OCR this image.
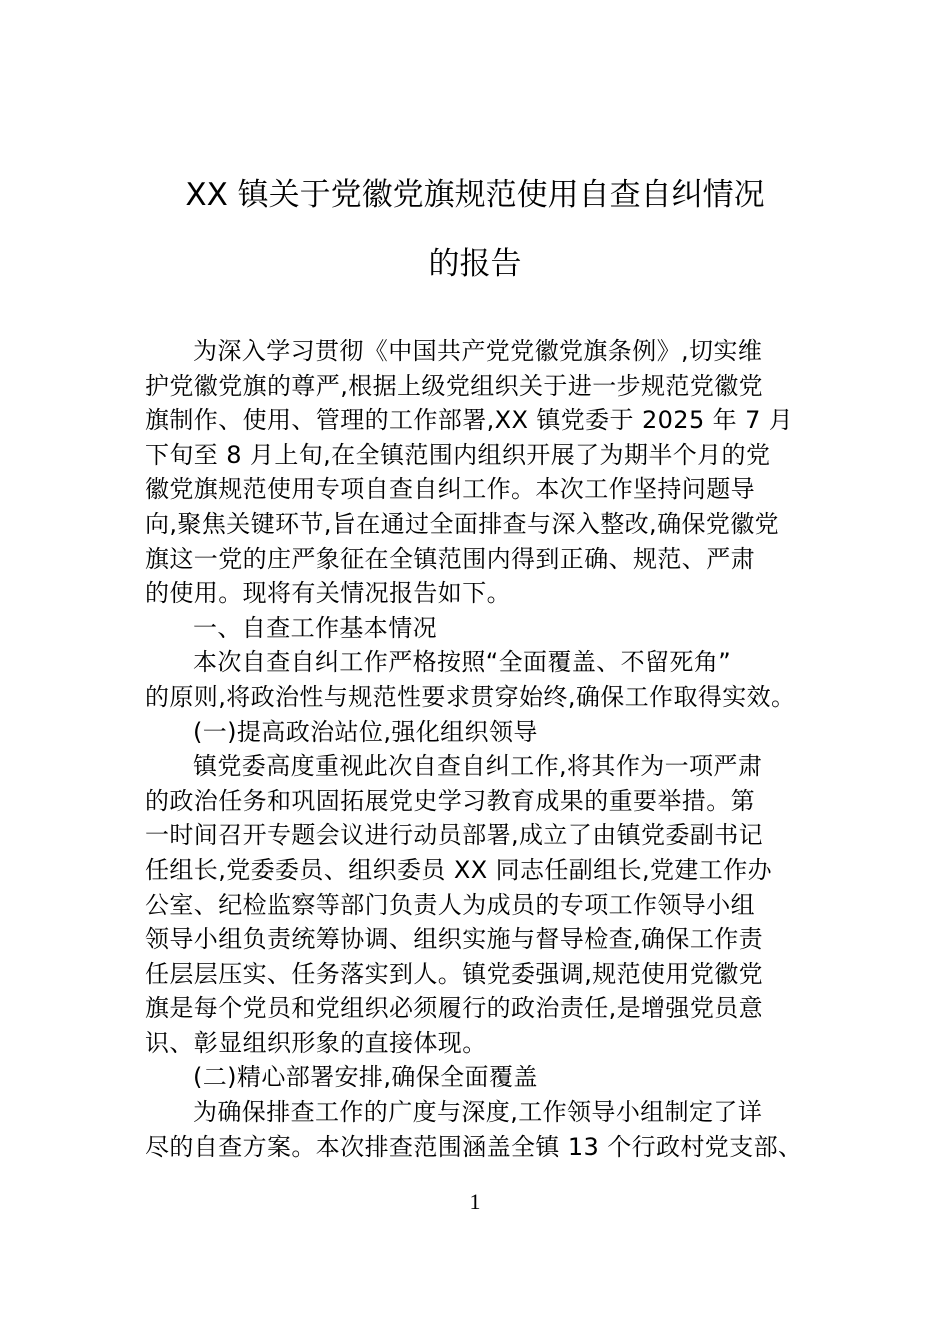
XX 镇关于党徽党旗规范使用自查自纠情况
的报告
为深入学习贯彻《中国共产党党徽党旗条例》,切实维
护党徽党旗的尊严,根据上级党组织关于进一步规范党徽党
旗制作、使用、管理的工作部署,XX 镇党委于 2025 年 7 月
下旬至 8 月上旬,在全镇范围内组织开展了为期半个月的党
徽党旗规范使用专项自查自纠工作。本次工作坚持问题导
向,聚焦关键环节,旨在通过全面排查与深入整改,确保党徽党
旗这一党的庄严象征在全镇范围内得到正确、规范、严肃
的使用。现将有关情况报告如下。
一、自查工作基本情况
本次自查自纠工作严格按照“全面覆盖、不留死角”
的原则,将政治性与规范性要求贯穿始终,确保工作取得实效。
(一)提高政治站位,强化组织领导
镇党委高度重视此次自查自纠工作,将其作为一项严肃
的政治任务和巩固拓展党史学习教育成果的重要举措。第
一时间召开专题会议进行动员部署,成立了由镇党委副书记
任组长,党委委员、组织委员 XX 同志任副组长,党建工作办
公室、纪检监察等部门负责人为成员的专项工作领导小组
领导小组负责统筹协调、组织实施与督导检查,确保工作责
任层层压实、任务落实到人。镇党委强调,规范使用党徽党
旗是每个党员和党组织必须履行的政治责任,是增强党员意
识、彰显组织形象的直接体现。
(二)精心部署安排,确保全面覆盖
为确保排查工作的广度与深度,工作领导小组制定了详
尽的自查方案。本次排查范围涵盖全镇 13 个行政村党支部、
1
